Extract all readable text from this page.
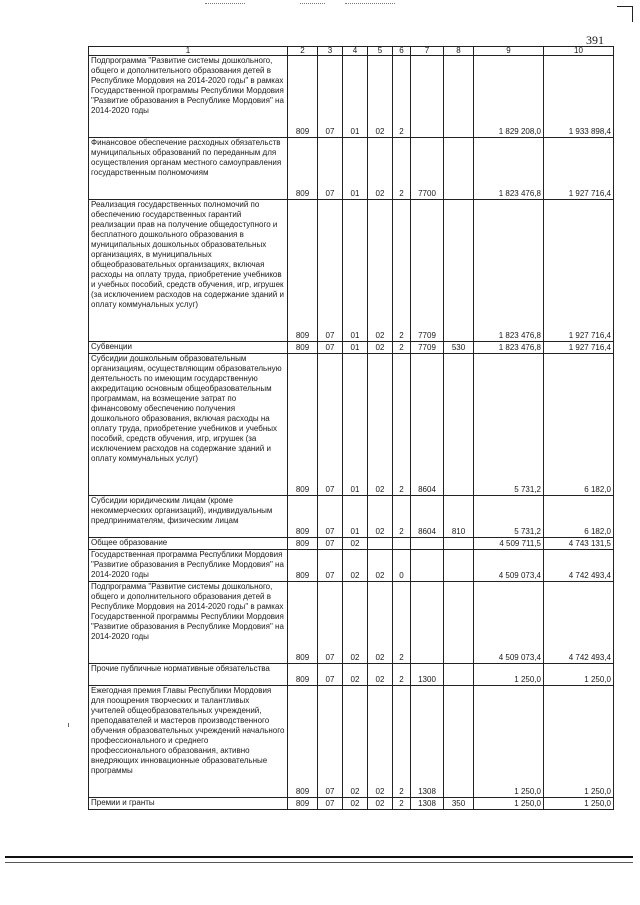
391
1	2	3	4	5	6	7	8	9	10
Подпрограмма "Развитие системы дошкольного, общего и дополнительного образования детей в Республике Мордовия на 2014-2020 годы" в рамках Государственной программы Республики Мордовия "Развитие образования в Республике Мордовия" на 2014-2020 годы	809	07	01	02	2			1 829 208,0	1 933 898,4
Финансовое обеспечение расходных обязательств муниципальных образований по переданным для осуществления органам местного самоуправления государственным полномочиям	809	07	01	02	2	7700		1 823 476,8	1 927 716,4
Реализация государственных полномочий по обеспечению государственных гарантий реализации прав на получение общедоступного и бесплатного дошкольного образования в муниципальных дошкольных образовательных организациях, в муниципальных общеобразовательных организациях, включая расходы на оплату труда, приобретение учебников и учебных пособий, средств обучения, игр, игрушек (за исключением расходов на содержание зданий и оплату коммунальных услуг)	809	07	01	02	2	7709		1 823 476,8	1 927 716,4
Субвенции	809	07	01	02	2	7709	530	1 823 476,8	1 927 716,4
Субсидии дошкольным образовательным организациям, осуществляющим образовательную деятельность по имеющим государственную аккредитацию основным общеобразовательным программам, на возмещение затрат по финансовому обеспечению получения дошкольного образования, включая расходы на оплату труда, приобретение учебников и учебных пособий, средств обучения, игр, игрушек (за исключением расходов на содержание зданий и оплату коммунальных услуг)	809	07	01	02	2	8604		5 731,2	6 182,0
Субсидии юридическим лицам (кроме некоммерческих организаций), индивидуальным предпринимателям, физическим лицам	809	07	01	02	2	8604	810	5 731,2	6 182,0
Общее образование	809	07	02					4 509 711,5	4 743 131,5
Государственная программа Республики Мордовия "Развитие образования в Республике Мордовия" на 2014-2020 годы	809	07	02	02	0			4 509 073,4	4 742 493,4
Подпрограмма "Развитие системы дошкольного, общего и дополнительного образования детей в Республике Мордовия на 2014-2020 годы" в рамках Государственной программы Республики Мордовия "Развитие образования в Республике Мордовия" на 2014-2020 годы	809	07	02	02	2			4 509 073,4	4 742 493,4
Прочие публичные нормативные обязательства	809	07	02	02	2	1300		1 250,0	1 250,0
Ежегодная премия Главы Республики Мордовия для поощрения творческих и талантливых учителей общеобразовательных учреждений, преподавателей и мастеров производственного обучения образовательных учреждений начального профессионального и среднего профессионального образования, активно внедряющих инновационные образовательные программы	809	07	02	02	2	1308		1 250,0	1 250,0
Премии и гранты	809	07	02	02	2	1308	350	1 250,0	1 250,0
